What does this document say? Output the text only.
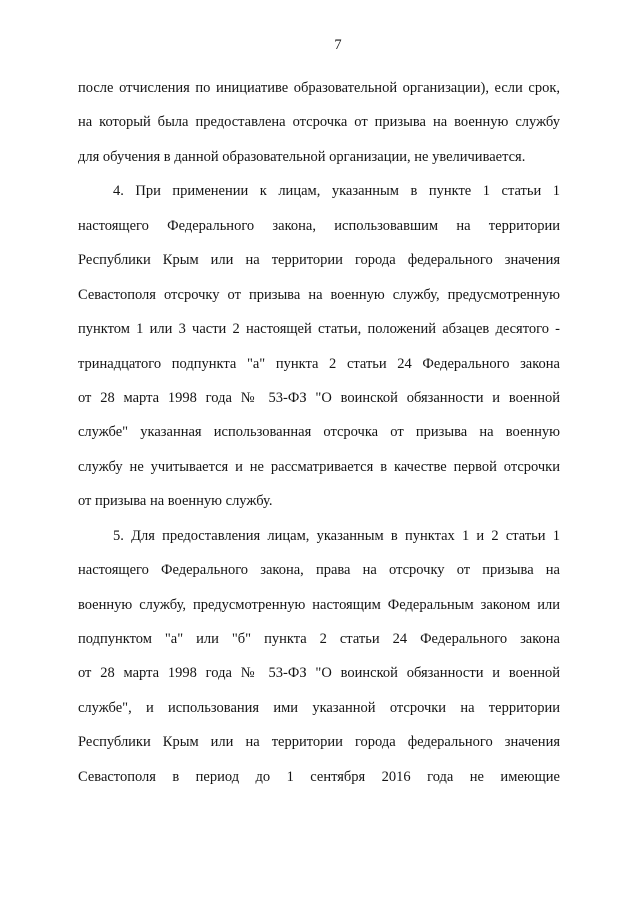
7
после отчисления по инициативе образовательной организации), если срок,
на который была предоставлена отсрочка от призыва на военную службу
для обучения в данной образовательной организации, не увеличивается.
4. При применении к лицам, указанным в пункте 1 статьи 1
настоящего Федерального закона, использовавшим на территории
Республики Крым или на территории города федерального значения
Севастополя отсрочку от призыва на военную службу, предусмотренную
пунктом 1 или 3 части 2 настоящей статьи, положений абзацев десятого -
тринадцатого подпункта "а" пункта 2 статьи 24 Федерального закона
от 28 марта 1998 года № 53-ФЗ "О воинской обязанности и военной
службе" указанная использованная отсрочка от призыва на военную
службу не учитывается и не рассматривается в качестве первой отсрочки
от призыва на военную службу.
5. Для предоставления лицам, указанным в пунктах 1 и 2 статьи 1
настоящего Федерального закона, права на отсрочку от призыва на
военную службу, предусмотренную настоящим Федеральным законом или
подпунктом "а" или "б" пункта 2 статьи 24 Федерального закона
от 28 марта 1998 года № 53-ФЗ "О воинской обязанности и военной
службе", и использования ими указанной отсрочки на территории
Республики Крым или на территории города федерального значения
Севастополя в период до 1 сентября 2016 года не имеющие
